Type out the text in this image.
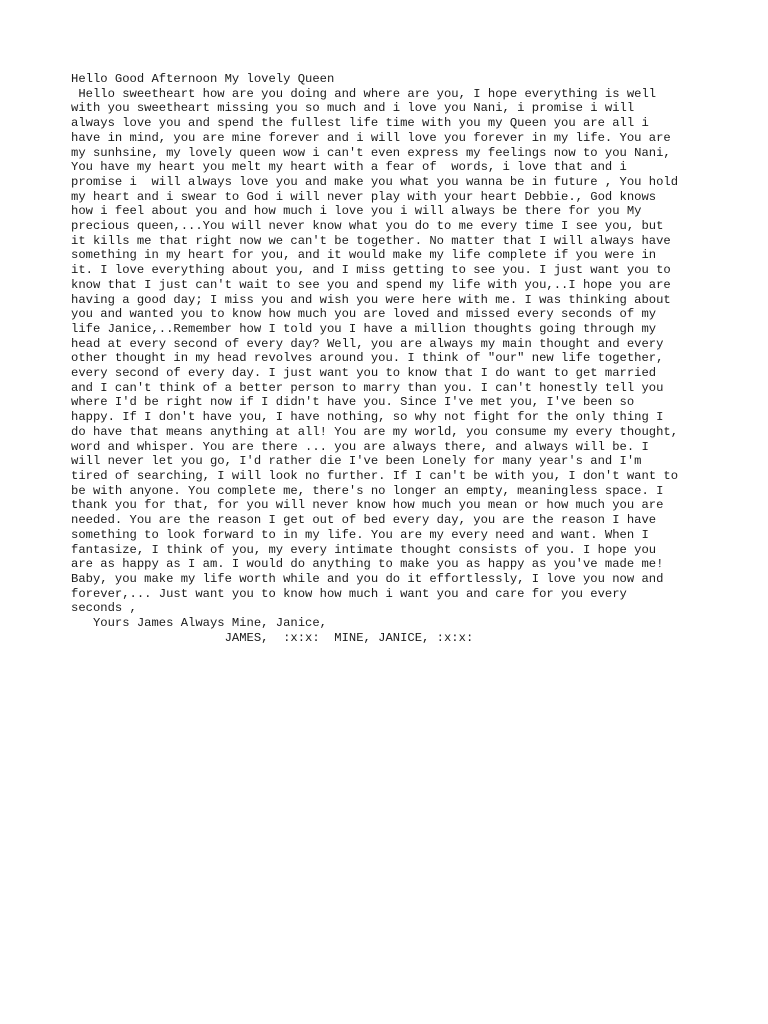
Hello Good Afternoon My lovely Queen
Hello sweetheart how are you doing and where are you, I hope everything is well
with you sweetheart missing you so much and i love you Nani, i promise i will
always love you and spend the fullest life time with you my Queen you are all i
have in mind, you are mine forever and i will love you forever in my life. You are
my sunhsine, my lovely queen wow i can't even express my feelings now to you Nani,
You have my heart you melt my heart with a fear of  words, i love that and i
promise i  will always love you and make you what you wanna be in future , You hold
my heart and i swear to God i will never play with your heart Debbie., God knows
how i feel about you and how much i love you i will always be there for you My
precious queen,...You will never know what you do to me every time I see you, but
it kills me that right now we can't be together. No matter that I will always have
something in my heart for you, and it would make my life complete if you were in
it. I love everything about you, and I miss getting to see you. I just want you to
know that I just can't wait to see you and spend my life with you,..I hope you are
having a good day; I miss you and wish you were here with me. I was thinking about
you and wanted you to know how much you are loved and missed every seconds of my
life Janice,..Remember how I told you I have a million thoughts going through my
head at every second of every day? Well, you are always my main thought and every
other thought in my head revolves around you. I think of "our" new life together,
every second of every day. I just want you to know that I do want to get married
and I can't think of a better person to marry than you. I can't honestly tell you
where I'd be right now if I didn't have you. Since I've met you, I've been so
happy. If I don't have you, I have nothing, so why not fight for the only thing I
do have that means anything at all! You are my world, you consume my every thought,
word and whisper. You are there ... you are always there, and always will be. I
will never let you go, I'd rather die I've been Lonely for many year's and I'm
tired of searching, I will look no further. If I can't be with you, I don't want to
be with anyone. You complete me, there's no longer an empty, meaningless space. I
thank you for that, for you will never know how much you mean or how much you are
needed. You are the reason I get out of bed every day, you are the reason I have
something to look forward to in my life. You are my every need and want. When I
fantasize, I think of you, my every intimate thought consists of you. I hope you
are as happy as I am. I would do anything to make you as happy as you've made me!
Baby, you make my life worth while and you do it effortlessly, I love you now and
forever,... Just want you to know how much i want you and care for you every
seconds ,
Yours James Always Mine, Janice,
JAMES,  :x:x:  MINE, JANICE, :x:x:
